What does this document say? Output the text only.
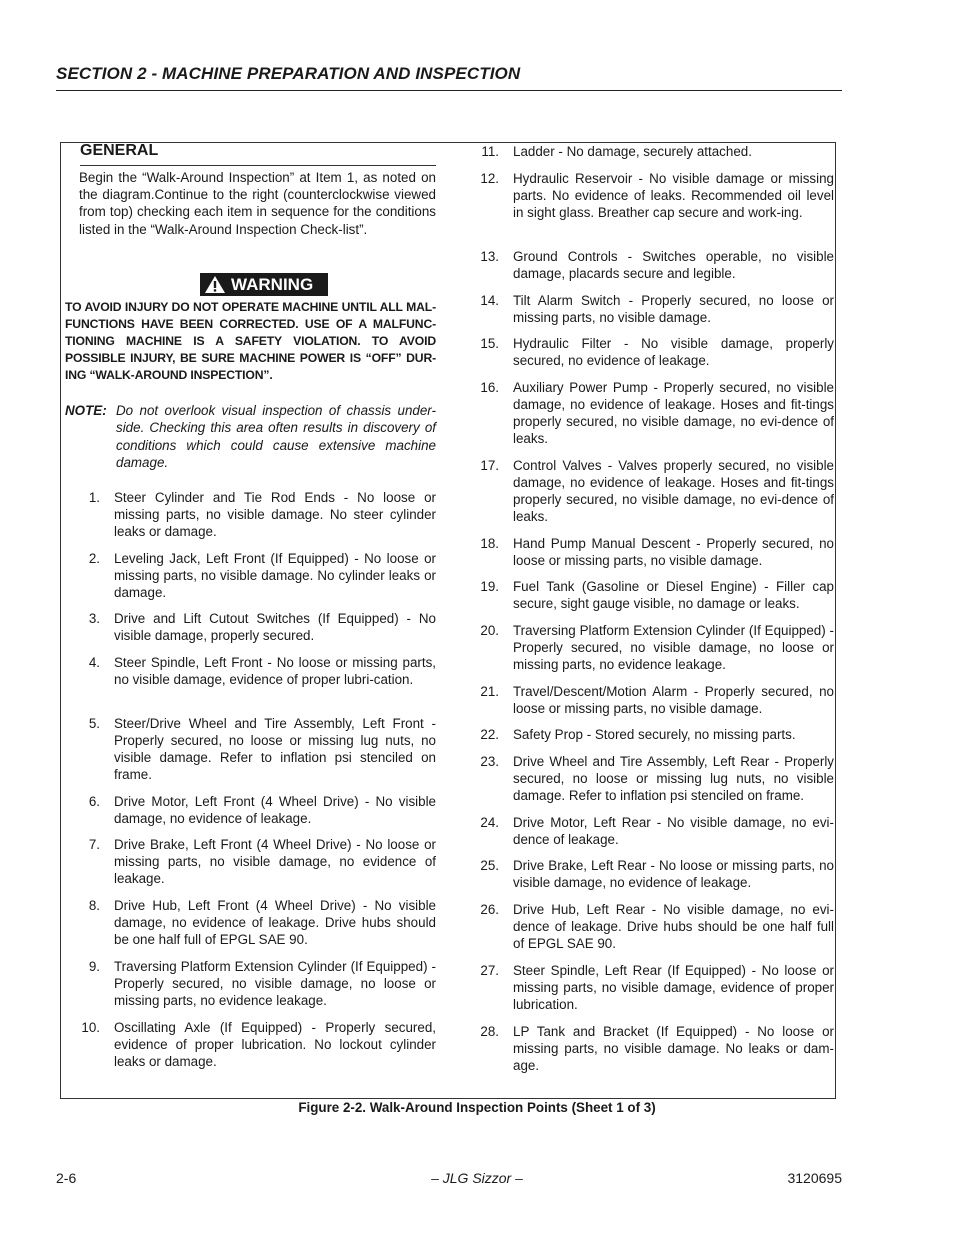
SECTION 2 - MACHINE PREPARATION AND INSPECTION
GENERAL
Begin the “Walk-Around Inspection” at Item 1, as noted on the diagram.Continue to the right (counterclockwise viewed from top) checking each item in sequence for the conditions listed in the “Walk-Around Inspection Check-list”.
WARNING
TO AVOID INJURY DO NOT OPERATE MACHINE UNTIL ALL MAL-FUNCTIONS HAVE BEEN CORRECTED. USE OF A MALFUNC-TIONING MACHINE IS A SAFETY VIOLATION. TO AVOID POSSIBLE INJURY, BE SURE MACHINE POWER IS “OFF” DUR-ING “WALK-AROUND INSPECTION”.
NOTE: Do not overlook visual inspection of chassis under-side. Checking this area often results in discovery of conditions which could cause extensive machine damage.
1. Steer Cylinder and Tie Rod Ends - No loose or missing parts, no visible damage. No steer cylinder leaks or damage.
2. Leveling Jack, Left Front (If Equipped) - No loose or missing parts, no visible damage. No cylinder leaks or damage.
3. Drive and Lift Cutout Switches (If Equipped) - No visible damage, properly secured.
4. Steer Spindle, Left Front - No loose or missing parts, no visible damage, evidence of proper lubri-cation.
5. Steer/Drive Wheel and Tire Assembly, Left Front - Properly secured, no loose or missing lug nuts, no visible damage. Refer to inflation psi stenciled on frame.
6. Drive Motor, Left Front (4 Wheel Drive) - No visible damage, no evidence of leakage.
7. Drive Brake, Left Front (4 Wheel Drive) - No loose or missing parts, no visible damage, no evidence of leakage.
8. Drive Hub, Left Front (4 Wheel Drive) - No visible damage, no evidence of leakage. Drive hubs should be one half full of EPGL SAE 90.
9. Traversing Platform Extension Cylinder (If Equipped) - Properly secured, no visible damage, no loose or missing parts, no evidence leakage.
10. Oscillating Axle (If Equipped) - Properly secured, evidence of proper lubrication. No lockout cylinder leaks or damage.
11. Ladder - No damage, securely attached.
12. Hydraulic Reservoir - No visible damage or missing parts. No evidence of leaks. Recommended oil level in sight glass. Breather cap secure and work-ing.
13. Ground Controls - Switches operable, no visible damage, placards secure and legible.
14. Tilt Alarm Switch - Properly secured, no loose or missing parts, no visible damage.
15. Hydraulic Filter - No visible damage, properly secured, no evidence of leakage.
16. Auxiliary Power Pump - Properly secured, no visible damage, no evidence of leakage. Hoses and fit-tings properly secured, no visible damage, no evi-dence of leaks.
17. Control Valves - Valves properly secured, no visible damage, no evidence of leakage. Hoses and fit-tings properly secured, no visible damage, no evi-dence of leaks.
18. Hand Pump Manual Descent - Properly secured, no loose or missing parts, no visible damage.
19. Fuel Tank (Gasoline or Diesel Engine) - Filler cap secure, sight gauge visible, no damage or leaks.
20. Traversing Platform Extension Cylinder (If Equipped) - Properly secured, no visible damage, no loose or missing parts, no evidence leakage.
21. Travel/Descent/Motion Alarm - Properly secured, no loose or missing parts, no visible damage.
22. Safety Prop - Stored securely, no missing parts.
23. Drive Wheel and Tire Assembly, Left Rear - Properly secured, no loose or missing lug nuts, no visible damage. Refer to inflation psi stenciled on frame.
24. Drive Motor, Left Rear - No visible damage, no evi-dence of leakage.
25. Drive Brake, Left Rear - No loose or missing parts, no visible damage, no evidence of leakage.
26. Drive Hub, Left Rear - No visible damage, no evi-dence of leakage. Drive hubs should be one half full of EPGL SAE 90.
27. Steer Spindle, Left Rear (If Equipped) - No loose or missing parts, no visible damage, evidence of proper lubrication.
28. LP Tank and Bracket (If Equipped) - No loose or missing parts, no visible damage. No leaks or dam-age.
Figure 2-2. Walk-Around Inspection Points (Sheet 1 of 3)
2-6	– JLG Sizzor –	3120695
